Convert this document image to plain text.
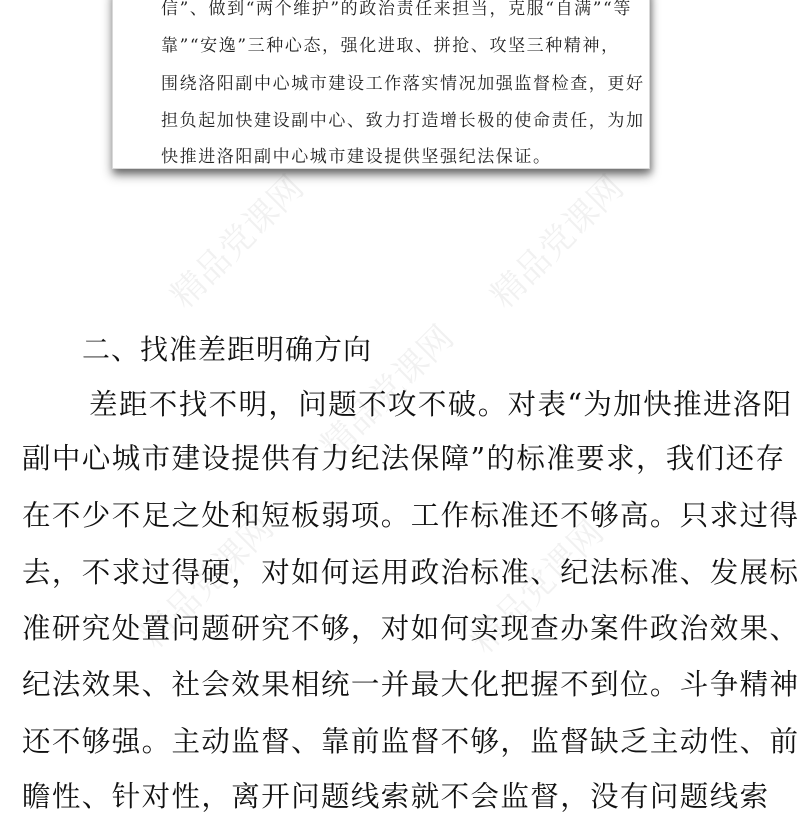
精品党课网	精品党课网
精品党课网
精品党课网	精品党课网
信”、做到“两个维护”的政治责任来担当，克服“自满”“等
靠”“安逸”三种心态，强化进取、拼抢、攻坚三种精神，
围绕洛阳副中心城市建设工作落实情况加强监督检查，更好
担负起加快建设副中心、致力打造增长极的使命责任，为加
快推进洛阳副中心城市建设提供坚强纪法保证。
二、找准差距明确方向
差距不找不明，问题不攻不破。对表“为加快推进洛阳
副中心城市建设提供有力纪法保障”的标准要求，我们还存
在不少不足之处和短板弱项。工作标准还不够高。只求过得
去，不求过得硬，对如何运用政治标准、纪法标准、发展标
准研究处置问题研究不够，对如何实现查办案件政治效果、
纪法效果、社会效果相统一并最大化把握不到位。斗争精神
还不够强。主动监督、靠前监督不够，监督缺乏主动性、前
瞻性、针对性，离开问题线索就不会监督，没有问题线索
